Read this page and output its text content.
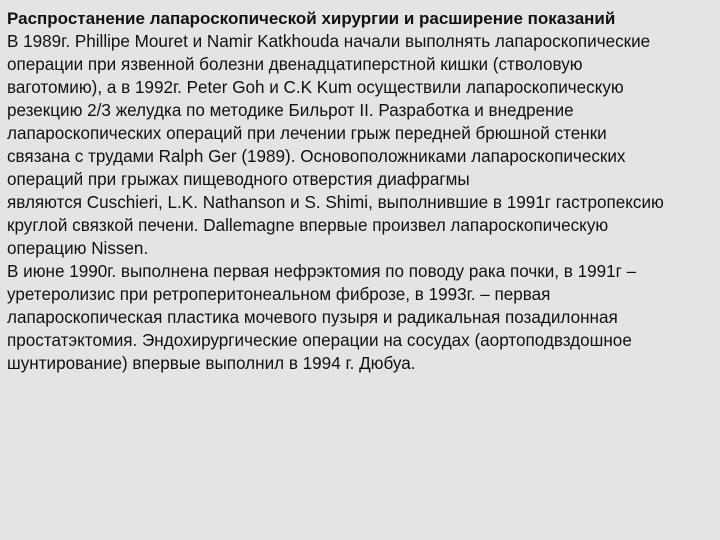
Распростанение лапароскопической хирургии и расширение показаний

В 1989г. Phillipe Mouret и Namir Katkhouda начали выполнять лапароскопические
операции при язвенной болезни двенадцатиперстной кишки (стволовую
ваготомию), а в 1992г. Peter Goh и C.K Kum осуществили лапароскопическую
резекцию 2/3 желудка по методике Бильрот II. Разработка и внедрение
лапароскопических операций при лечении грыж передней брюшной стенки
связана с трудами Ralph Ger (1989). Основоположниками лапароскопических
операций при грыжах пищеводного отверстия диафрагмы
являются Cuschieri, L.K. Nathanson и S. Shimi, выполнившие в 1991г гастропексию
круглой связкой печени. Dallemagne впервые произвел лапароскопическую
операцию Nissen.

В июне 1990г. выполнена первая нефрэктомия по поводу рака почки, в 1991г –
уретеролизис при ретроперитонеальном фиброзе, в 1993г. – первая
лапароскопическая пластика мочевого пузыря и радикальная позадилонная
простатэктомия. Эндохирургические операции на сосудах (аортоподвздошное
шунтирование) впервые выполнил в 1994 г. Дюбуа.
